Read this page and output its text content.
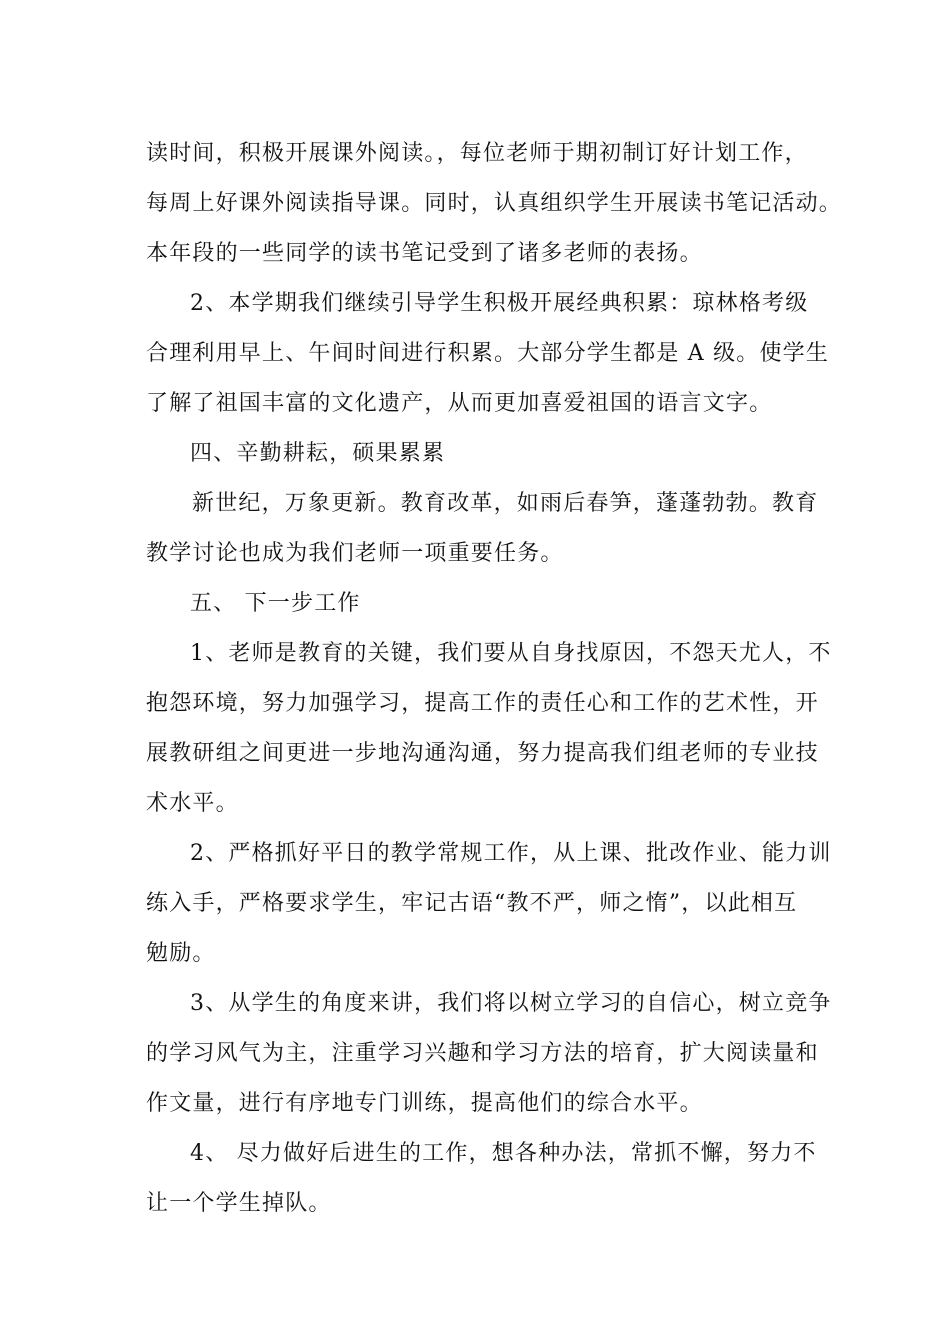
读时间，积极开展课外阅读。，每位老师于期初制订好计划工作，
每周上好课外阅读指导课。同时，认真组织学生开展读书笔记活动。
本年段的一些同学的读书笔记受到了诸多老师的表扬。
2、本学期我们继续引导学生积极开展经典积累：琼林格考级
合理利用早上、午间时间进行积累。大部分学生都是 A 级。使学生
了解了祖国丰富的文化遗产，从而更加喜爱祖国的语言文字。
四、辛勤耕耘，硕果累累
新世纪，万象更新。教育改革，如雨后春笋，蓬蓬勃勃。教育
教学讨论也成为我们老师一项重要任务。
五、 下一步工作
1、老师是教育的关键，我们要从自身找原因，不怨天尤人，不
抱怨环境，努力加强学习，提高工作的责任心和工作的艺术性，开
展教研组之间更进一步地沟通沟通，努力提高我们组老师的专业技
术水平。
2、严格抓好平日的教学常规工作，从上课、批改作业、能力训
练入手，严格要求学生，牢记古语“教不严，师之惰”，以此相互
勉励。
3、从学生的角度来讲，我们将以树立学习的自信心，树立竞争
的学习风气为主，注重学习兴趣和学习方法的培育，扩大阅读量和
作文量，进行有序地专门训练，提高他们的综合水平。
4、 尽力做好后进生的工作，想各种办法，常抓不懈，努力不
让一个学生掉队。
